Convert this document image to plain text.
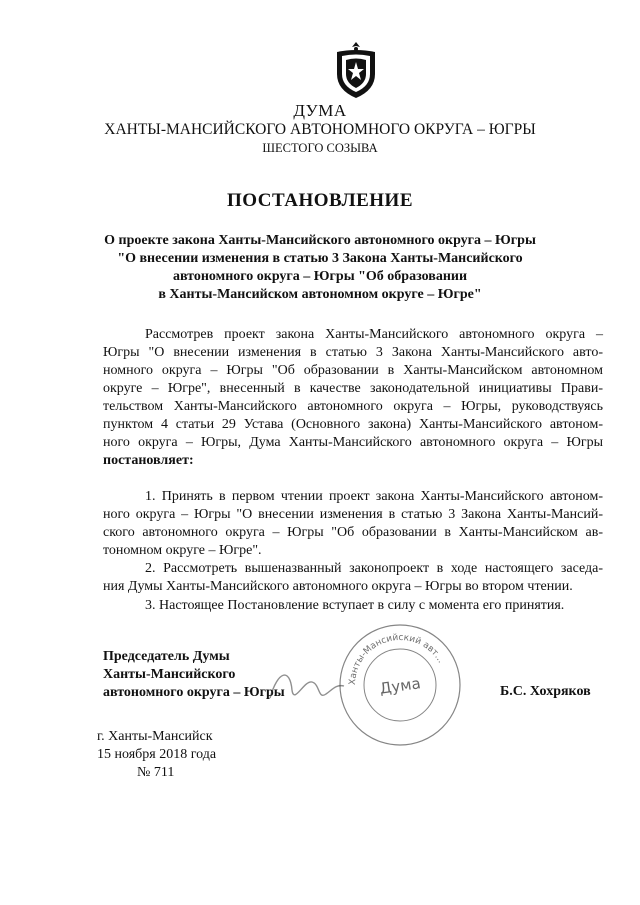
ДУМА
ХАНТЫ-МАНСИЙСКОГО АВТОНОМНОГО ОКРУГА – ЮГРЫ
ШЕСТОГО СОЗЫВА
ПОСТАНОВЛЕНИЕ
О проекте закона Ханты-Мансийского автономного округа – Югры
"О внесении изменения в статью 3 Закона Ханты-Мансийского
автономного округа – Югры "Об образовании
в Ханты-Мансийском автономном округе – Югре"
Рассмотрев проект закона Ханты-Мансийского автономного округа –
Югры "О внесении изменения в статью 3 Закона Ханты-Мансийского авто-
номного округа – Югры "Об образовании в Ханты-Мансийском автономном
округе – Югре", внесенный в качестве законодательной инициативы Прави-
тельством Ханты-Мансийского автономного округа – Югры, руководствуясь
пунктом 4 статьи 29 Устава (Основного закона) Ханты-Мансийского автоном-
ного округа – Югры, Дума Ханты-Мансийского автономного округа – Югры
постановляет:
1. Принять в первом чтении проект закона Ханты-Мансийского автоном-
ного округа – Югры "О внесении изменения в статью 3 Закона Ханты-Мансий-
ского автономного округа – Югры "Об образовании в Ханты-Мансийском ав-
тономном округе – Югре".
2. Рассмотреть вышеназванный законопроект в ходе настоящего заседа-
ния Думы Ханты-Мансийского автономного округа – Югры во втором чтении.
3. Настоящее Постановление вступает в силу с момента его принятия.
Председатель Думы
Ханты-Мансийского
автономного округа – Югры
Ханты-Мансийский авт...
Дума	Б.С. Хохряков
г. Ханты-Мансийск
15 ноября 2018 года
№ 711
